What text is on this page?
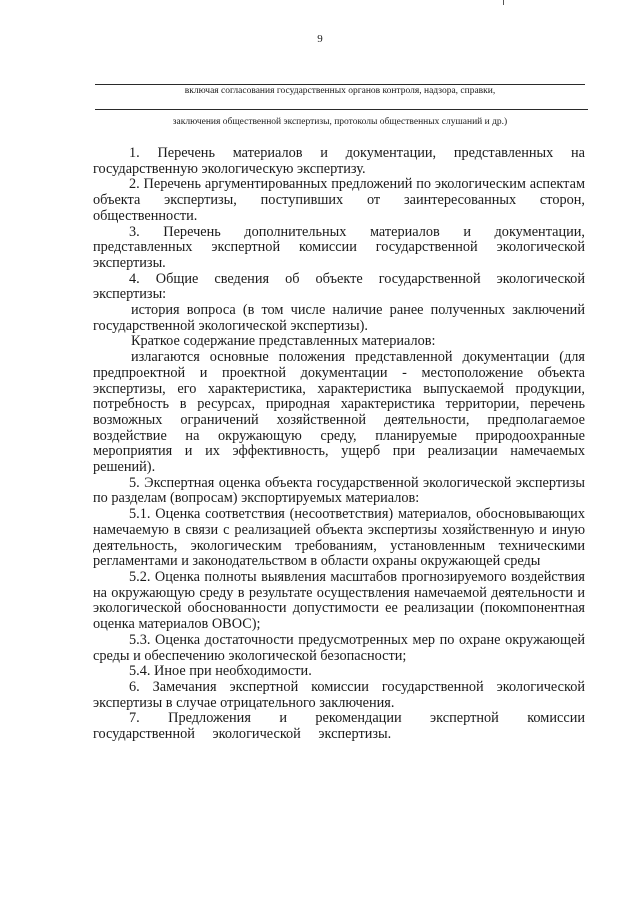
9
включая согласования государственных органов контроля, надзора, справки,
заключения общественной экспертизы, протоколы общественных слушаний и др.)

1. Перечень материалов и документации, представленных на государственную экологическую экспертизу.

2. Перечень аргументированных предложений по экологическим аспектам объекта экспертизы, поступивших от заинтересованных сторон, общественности.

3. Перечень дополнительных материалов и документации, представленных экспертной комиссии государственной экологической экспертизы.

4. Общие сведения об объекте государственной экологической экспертизы:

история вопроса (в том числе наличие ранее полученных заключений государственной экологической экспертизы).

Краткое содержание представленных материалов:

излагаются основные положения представленной документации (для предпроектной и проектной документации - местоположение объекта экспертизы, его характеристика, характеристика выпускаемой продукции, потребность в ресурсах, природная характеристика территории, перечень возможных ограничений хозяйственной деятельности, предполагаемое воздействие на окружающую среду, планируемые природоохранные мероприятия и их эффективность, ущерб при реализации намечаемых решений).

5. Экспертная оценка объекта государственной экологической экспертизы по разделам (вопросам) экспортируемых материалов:

5.1. Оценка соответствия (несоответствия) материалов, обосновывающих намечаемую в связи с реализацией объекта экспертизы хозяйственную и иную деятельность, экологическим требованиям, установленным техническими регламентами и законодательством в области охраны окружающей среды

5.2. Оценка полноты выявления масштабов прогнозируемого воздействия на окружающую среду в результате осуществления намечаемой деятельности и экологической обоснованности допустимости ее реализации (покомпонентная оценка материалов ОВОС);

5.3. Оценка достаточности предусмотренных мер по охране окружающей среды и обеспечению экологической безопасности;

5.4. Иное при необходимости.

6. Замечания экспертной комиссии государственной экологической экспертизы в случае отрицательного заключения.

7. Предложения и рекомендации экспертной комиссии государственной экологической экспертизы.
